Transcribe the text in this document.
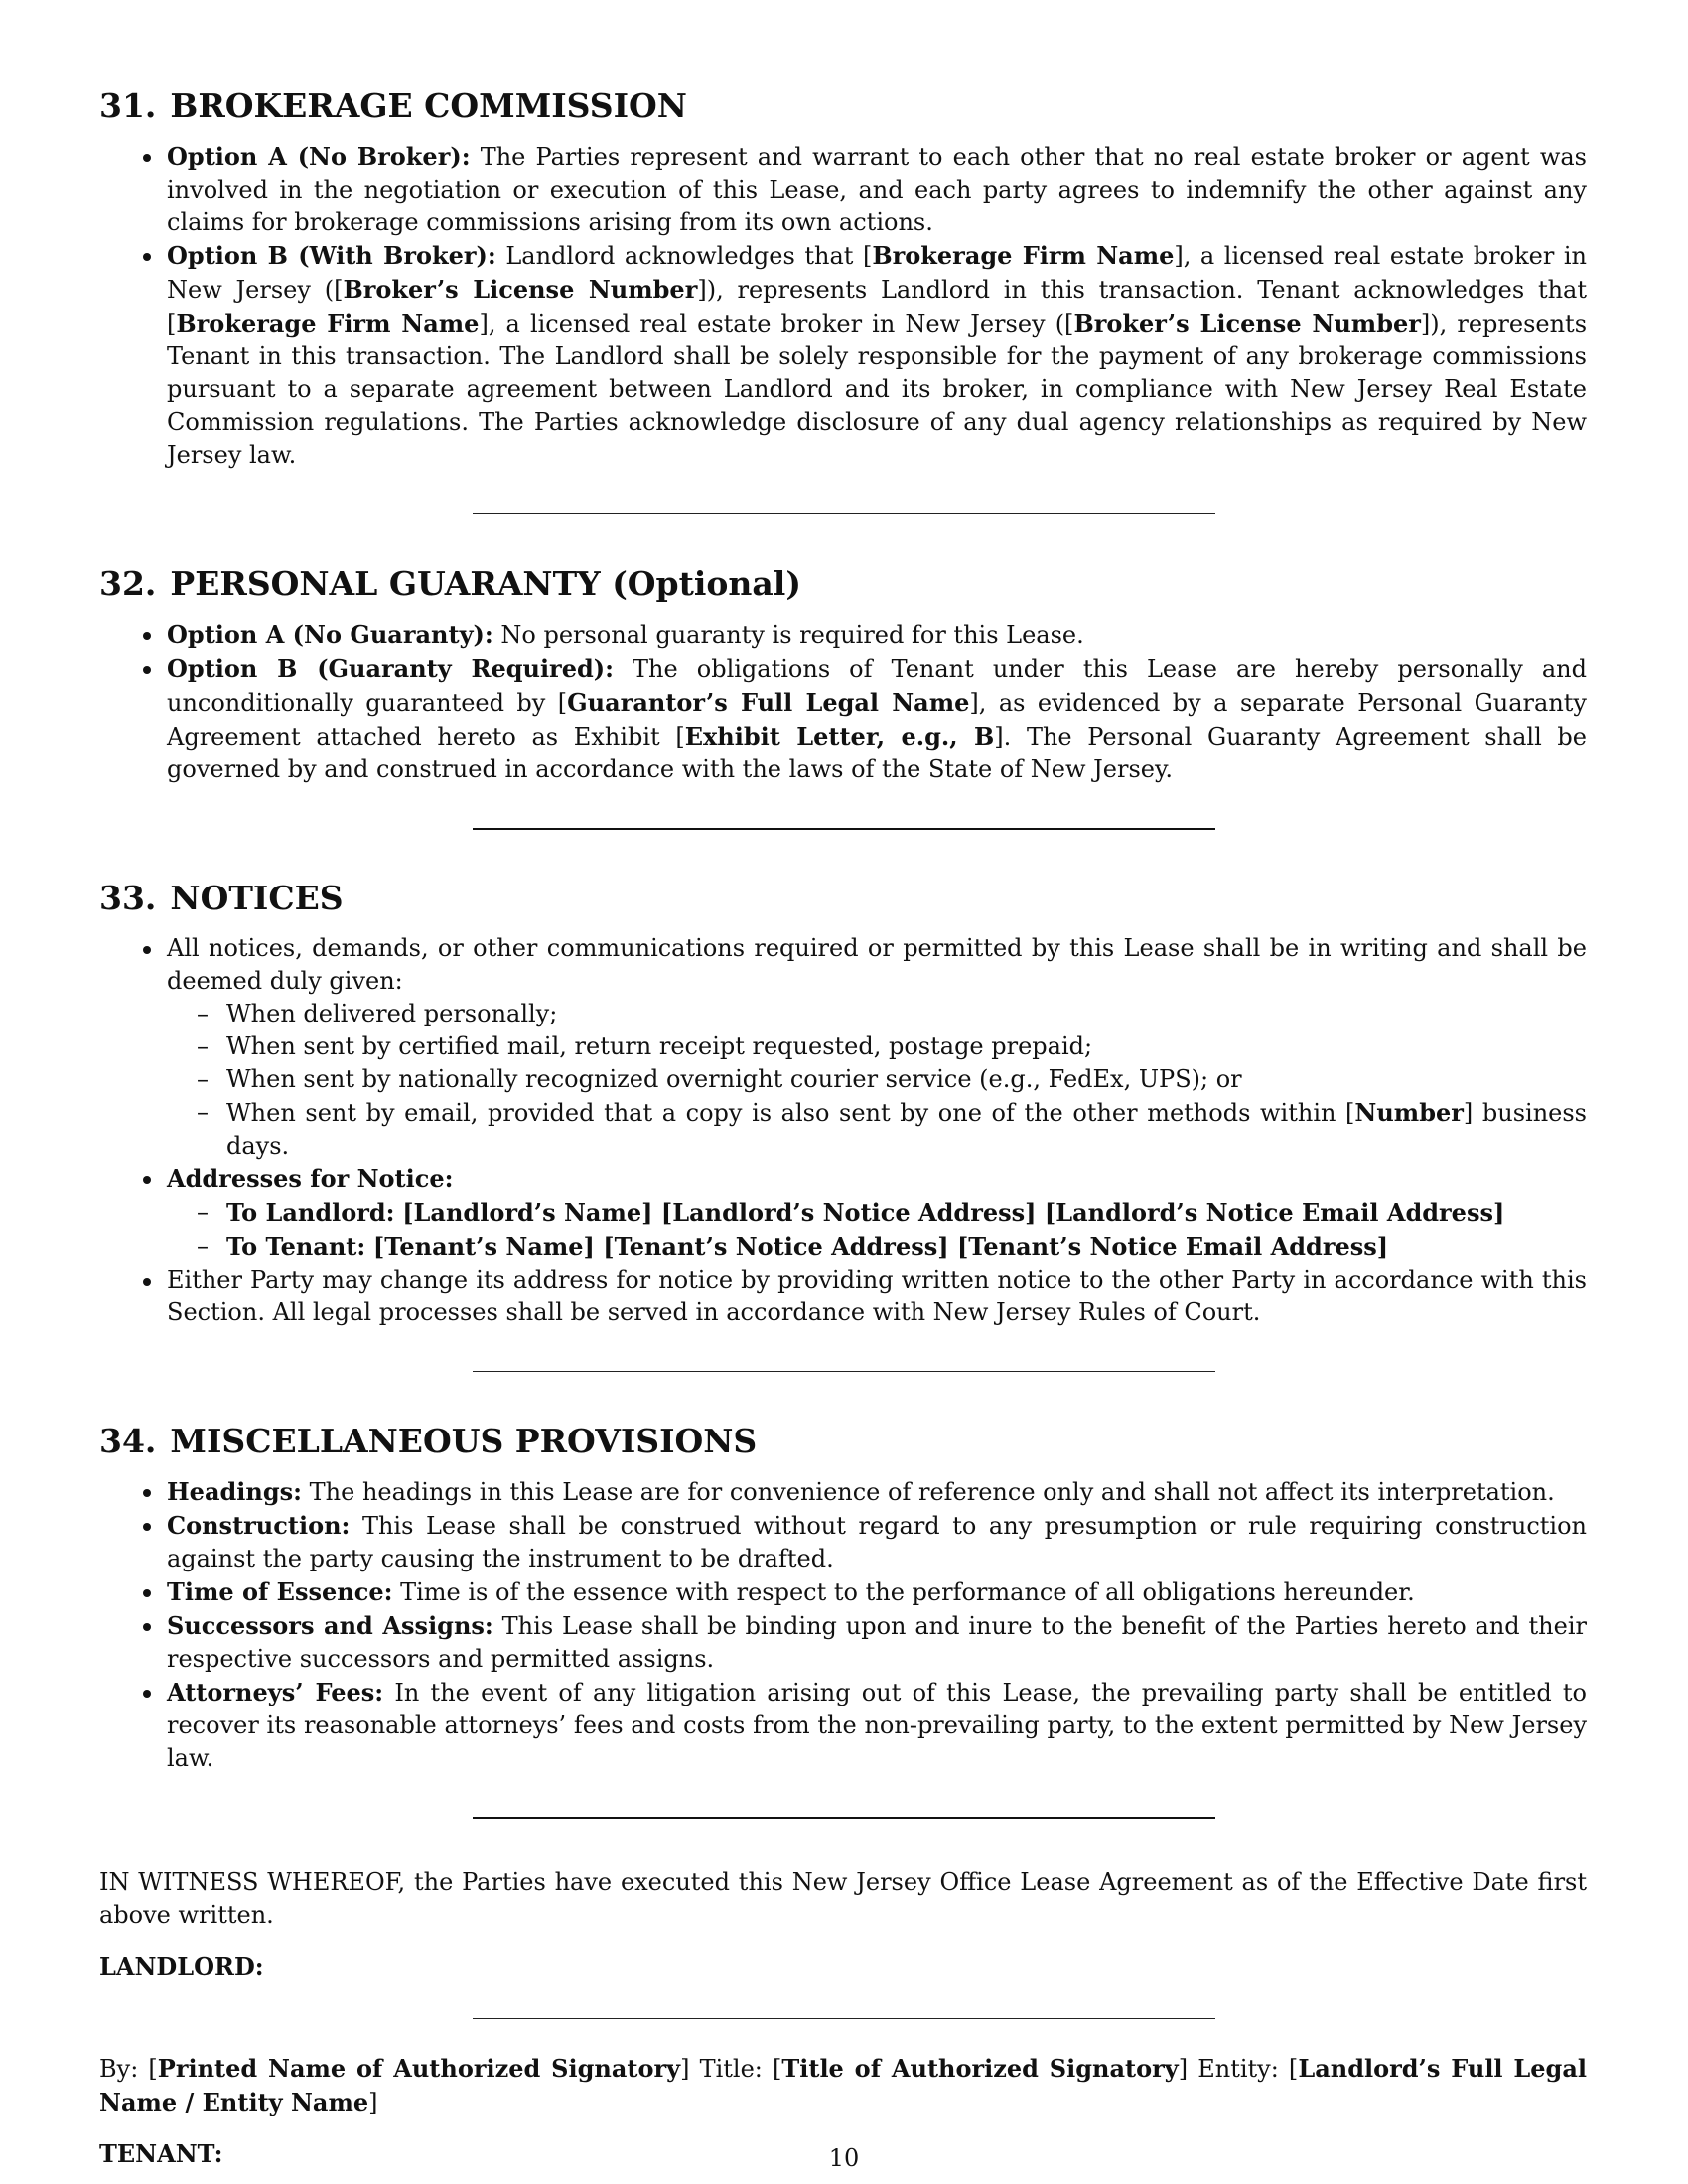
31. BROKERAGE COMMISSION
Option A (No Broker): The Parties represent and warrant to each other that no real estate broker or agent was involved in the negotiation or execution of this Lease, and each party agrees to indemnify the other against any claims for brokerage commissions arising from its own actions.
Option B (With Broker): Landlord acknowledges that [Brokerage Firm Name], a licensed real estate broker in New Jersey ([Broker’s License Number]), represents Landlord in this transaction. Tenant acknowledges that [Brokerage Firm Name], a licensed real estate broker in New Jersey ([Broker’s License Number]), represents Tenant in this transaction. The Landlord shall be solely responsible for the payment of any brokerage commissions pursuant to a separate agreement between Landlord and its broker, in compliance with New Jersey Real Estate Commission regulations. The Parties acknowledge disclosure of any dual agency relationships as required by New Jersey law.
32. PERSONAL GUARANTY (Optional)
Option A (No Guaranty): No personal guaranty is required for this Lease.
Option B (Guaranty Required): The obligations of Tenant under this Lease are hereby personally and unconditionally guaranteed by [Guarantor’s Full Legal Name], as evidenced by a separate Personal Guaranty Agreement attached hereto as Exhibit [Exhibit Letter, e.g., B]. The Personal Guaranty Agreement shall be governed by and construed in accordance with the laws of the State of New Jersey.
33. NOTICES
All notices, demands, or other communications required or permitted by this Lease shall be in writing and shall be deemed duly given:
– When delivered personally;
– When sent by certified mail, return receipt requested, postage prepaid;
– When sent by nationally recognized overnight courier service (e.g., FedEx, UPS); or
– When sent by email, provided that a copy is also sent by one of the other methods within [Number] business days.
Addresses for Notice:
– To Landlord: [Landlord’s Name] [Landlord’s Notice Address] [Landlord’s Notice Email Address]
– To Tenant: [Tenant’s Name] [Tenant’s Notice Address] [Tenant’s Notice Email Address]
Either Party may change its address for notice by providing written notice to the other Party in accordance with this Section. All legal processes shall be served in accordance with New Jersey Rules of Court.
34. MISCELLANEOUS PROVISIONS
Headings: The headings in this Lease are for convenience of reference only and shall not affect its interpretation.
Construction: This Lease shall be construed without regard to any presumption or rule requiring construction against the party causing the instrument to be drafted.
Time of Essence: Time is of the essence with respect to the performance of all obligations hereunder.
Successors and Assigns: This Lease shall be binding upon and inure to the benefit of the Parties hereto and their respective successors and permitted assigns.
Attorneys’ Fees: In the event of any litigation arising out of this Lease, the prevailing party shall be entitled to recover its reasonable attorneys’ fees and costs from the non-prevailing party, to the extent permitted by New Jersey law.

IN WITNESS WHEREOF, the Parties have executed this New Jersey Office Lease Agreement as of the Effective Date first above written.

LANDLORD:

By: [Printed Name of Authorized Signatory] Title: [Title of Authorized Signatory] Entity: [Landlord’s Full Legal Name / Entity Name]

TENANT:	10
